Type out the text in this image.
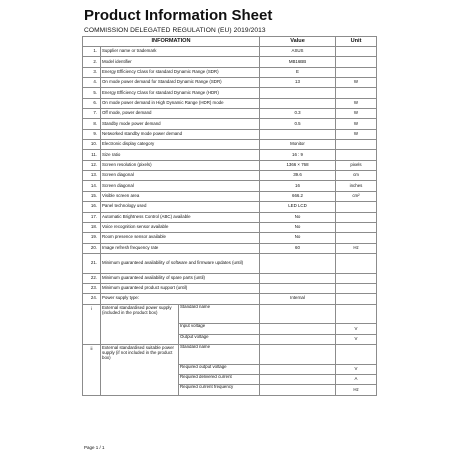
Product Information Sheet
COMMISSION DELEGATED REGULATION (EU) 2019/2013
INFORMATION			Value	Unit
1.	Supplier name or trademark		ASUS	
2.	Model identifier		MB16BB	
3.	Energy Efficiency Class for standard Dynamic Range (SDR)		E	
4.	On mode power demand for Standard Dynamic Range (SDR)		13	W
5.	Energy Efficiency Class for standard Dynamic Range (HDR)			
6.	On mode power demand in High Dynamic Range (HDR) mode			W
7.	Off mode, power demand		0.3	W
8.	Standby mode power demand		0.5	W
9.	Networked standby mode power demand			W
10.	Electronic display category		Monitor	
11.	Size ratio		16 : 9	
12.	Screen resolution (pixels)		1366 × 768	pixels
13.	Screen diagonal		39.6	cm
14.	Screen diagonal		16	inches
15.	Visible screen area		666.2	cm²
16.	Panel technology used		LED LCD	
17.	Automatic Brightness Control (ABC) available		No	
18.	Voice recognition sensor available		No	
19.	Room presence sensor available		No	
20.	Image refresh frequency rate		60	Hz
21.	Minimum guaranteed availability of software and firmware updates (until)			
22.	Minimum guaranteed availability of spare parts (until)			
23.	Minimum guaranteed product support (until)			
24.	Power supply type:		Internal	
i	External standardised power supply (included in the product box)	Standard name		
		Input voltage		V
		Output voltage		V
ii	External standardised suitable power supply (if not included in the product box)	Standard name		
		Required output voltage		V
		Required delivered current		A
		Required current frequency		Hz
Page 1 / 1
